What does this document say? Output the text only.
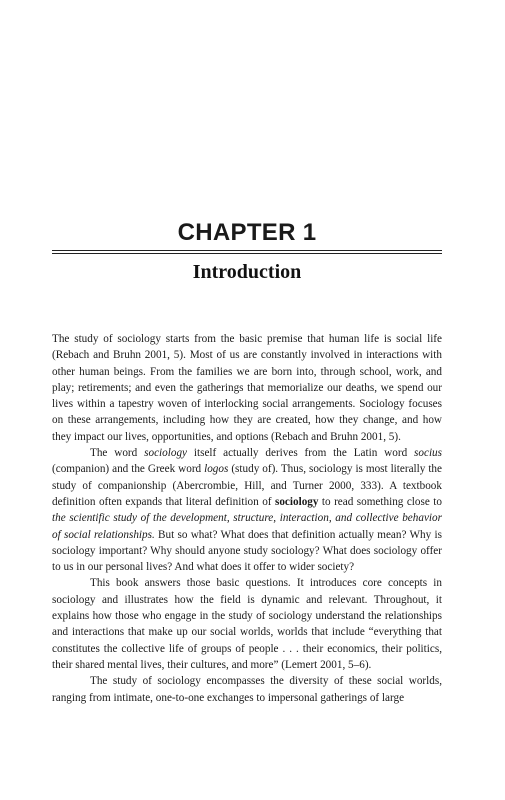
CHAPTER 1
Introduction

The study of sociology starts from the basic premise that human life is social life (Rebach and Bruhn 2001, 5). Most of us are constantly involved in interactions with other human beings. From the families we are born into, through school, work, and play; retirements; and even the gatherings that memorialize our deaths, we spend our lives within a tapestry woven of interlocking social arrangements. Sociology focuses on these arrangements, including how they are created, how they change, and how they impact our lives, opportunities, and options (Rebach and Bruhn 2001, 5).

The word sociology itself actually derives from the Latin word socius (companion) and the Greek word logos (study of). Thus, sociology is most literally the study of companionship (Abercrombie, Hill, and Turner 2000, 333). A textbook definition often expands that literal definition of sociology to read something close to the scientific study of the development, structure, interaction, and collective behavior of social relationships. But so what? What does that definition actually mean? Why is sociology important? Why should anyone study sociology? What does sociology offer to us in our personal lives? And what does it offer to wider society?

This book answers those basic questions. It introduces core concepts in sociology and illustrates how the field is dynamic and relevant. Throughout, it explains how those who engage in the study of sociology understand the relationships and interactions that make up our social worlds, worlds that include “everything that constitutes the collective life of groups of people . . . their economics, their politics, their shared mental lives, their cultures, and more” (Lemert 2001, 5–6).

The study of sociology encompasses the diversity of these social worlds, ranging from intimate, one-to-one exchanges to impersonal gatherings of large
